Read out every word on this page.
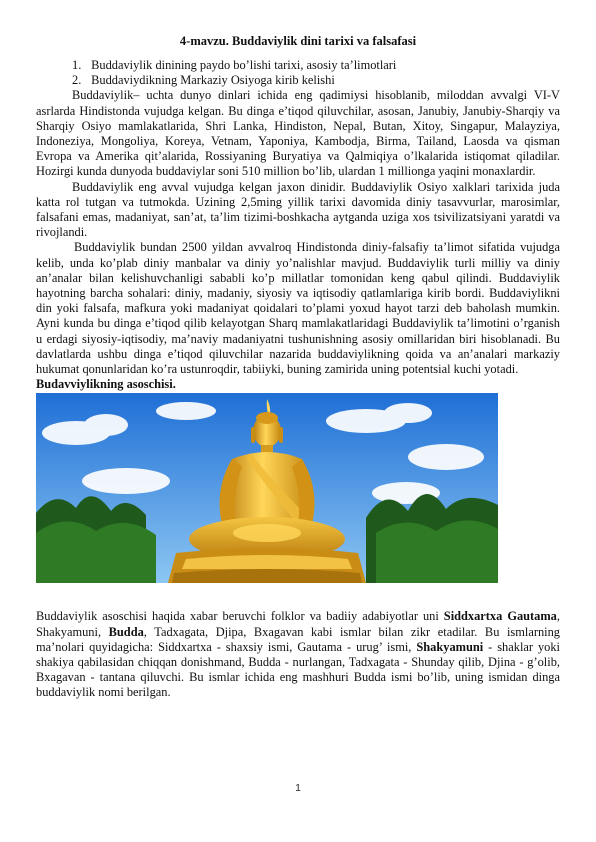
4-mavzu. Buddaviylik dini tarixi va falsafasi

1. Buddaviylik dinining paydo bo’lishi tarixi, asosiy ta’limotlari
2. Buddaviydikning Markaziy Osiyoga kirib kelishi

Buddaviylik– uchta dunyo dinlari ichida eng qadimiysi hisoblanib, miloddan avvalgi VI-V asrlarda Hindistonda vujudga kelgan. Bu dinga e’tiqod qiluvchilar, asosan, Janubiy, Janubiy-Sharqiy va Sharqiy Osiyo mamlakatlarida, Shri Lanka, Hindiston, Nepal, Butan, Xitoy, Singapur, Malayziya, Indoneziya, Mongoliya, Koreya, Vetnam, Yaponiya, Kambodja, Birma, Tailand, Laosda va qisman Evropa va Amerika qit’alarida, Rossiyaning Buryatiya va Qalmiqiya o’lkalarida istiqomat qiladilar. Hozirgi kunda dunyoda buddaviylar soni 510 million bo’lib, ulardan 1 millionga yaqini monaxlardir.

Buddaviylik eng avval vujudga kelgan jaxon dinidir. Buddaviylik Osiyo xalklari tarixida juda katta rol tutgan va tutmokda. Uzining 2,5ming yillik tarixi davomida diniy tasavvurlar, marosimlar, falsafani emas, madaniyat, san’at, ta’lim tizimi-boshkacha aytganda uziga xos tsivilizatsiyani yaratdi va rivojlandi.

Buddaviylik bundan 2500 yildan avvalroq Hindistonda diniy-falsafiy ta’limot sifatida vujudga kelib, unda ko’plab diniy manbalar va diniy yo’nalishlar mavjud. Buddaviylik turli milliy va diniy an’analar bilan kelishuvchanligi sababli ko’p millatlar tomonidan keng qabul qilindi. Buddaviylik hayotning barcha sohalari: diniy, madaniy, siyosiy va iqtisodiy qatlamlariga kirib bordi. Buddaviylikni din yoki falsafa, mafkura yoki madaniyat qoidalari to’plami yoxud hayot tarzi deb baholash mumkin. Ayni kunda bu dinga e’tiqod qilib kelayotgan Sharq mamlakatlaridagi Buddaviylik ta’limotini o’rganish u erdagi siyosiy-iqtisodiy, ma’naviy madaniyatni tushunishning asosiy omillaridan biri hisoblanadi. Bu davlatlarda ushbu dinga e’tiqod qiluvchilar nazarida buddaviylikning qoida va an’analari markaziy hukumat qonunlaridan ko’ra ustunroqdir, tabiiyki, buning zamirida uning potentsial kuchi yotadi.

Budavviylikning asoschisi.

Buddaviylik asoschisi haqida xabar beruvchi folklor va badiiy adabiyotlar uni Siddxartxa Gautama, Shakyamuni, Budda, Tadxagata, Djipa, Bxagavan kabi ismlar bilan zikr etadilar. Bu ismlarning ma’nolari quyidagicha: Siddxartxa - shaxsiy ismi, Gautama - urug’ ismi, Shakyamuni - shaklar yoki shakiya qabilasidan chiqqan donishmand, Budda - nurlangan, Tadxagata - Shunday qilib, Djina - g’olib, Bxagavan - tantana qiluvchi. Bu ismlar ichida eng mashhuri Budda ismi bo’lib, uning ismidan dinga buddaviylik nomi berilgan.

1
